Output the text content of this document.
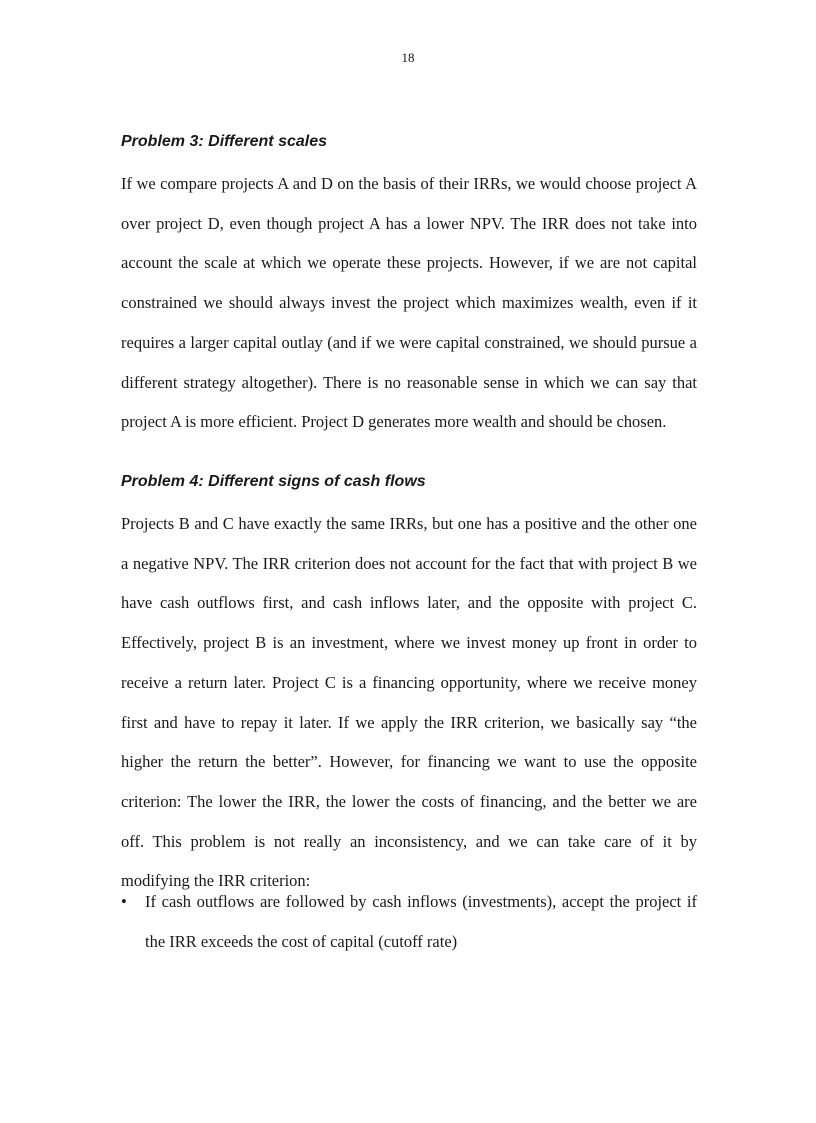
18
Problem 3: Different scales

If we compare projects A and D on the basis of their IRRs, we would choose project A over project D, even though project A has a lower NPV. The IRR does not take into account the scale at which we operate these projects. However, if we are not capital constrained we should always invest the project which maximizes wealth, even if it requires a larger capital outlay (and if we were capital constrained, we should pursue a different strategy altogether). There is no reasonable sense in which we can say that project A is more efficient. Project D generates more wealth and should be chosen.

Problem 4: Different signs of cash flows

Projects B and C have exactly the same IRRs, but one has a positive and the other one a negative NPV. The IRR criterion does not account for the fact that with project B we have cash outflows first, and cash inflows later, and the opposite with project C. Effectively, project B is an investment, where we invest money up front in order to receive a return later. Project C is a financing opportunity, where we receive money first and have to repay it later. If we apply the IRR criterion, we basically say “the higher the return the better”. However, for financing we want to use the opposite criterion: The lower the IRR, the lower the costs of financing, and the better we are off. This problem is not really an inconsistency, and we can take care of it by modifying the IRR criterion:

•	If cash outflows are followed by cash inflows (investments), accept the project if the IRR exceeds the cost of capital (cutoff rate)
